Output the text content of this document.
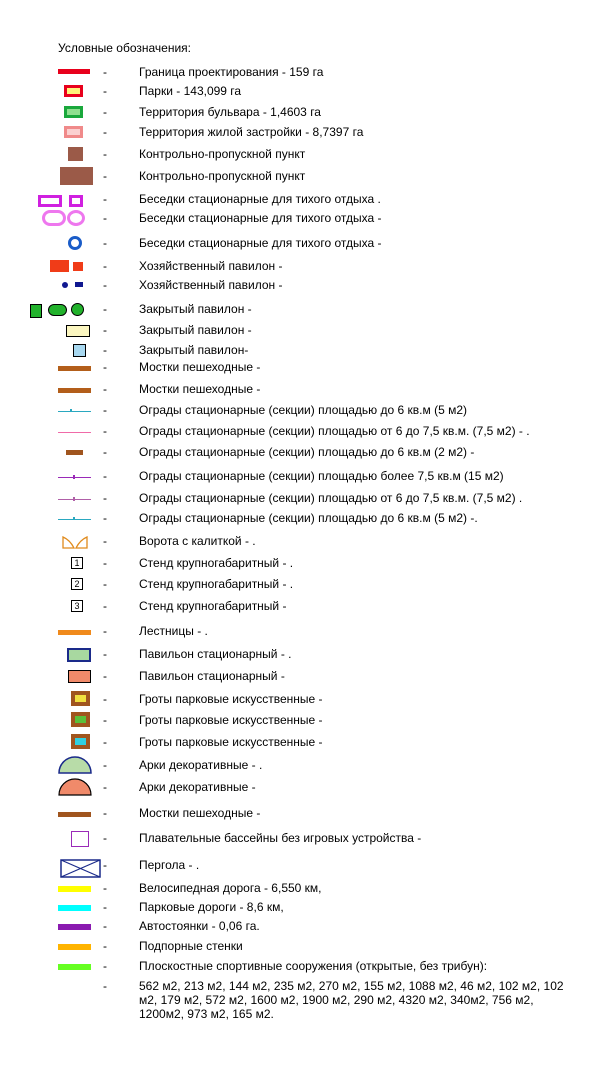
Условные обозначения:
-	Граница проектирования - 159 га
-	Парки - 143,099 га
-	Территория бульвара - 1,4603 га
-	Территория жилой застройки - 8,7397 га
-	Контрольно-пропускной пункт
-	Контрольно-пропускной пункт
-	Беседки стационарные для тихого отдыха .
-	Беседки стационарные для тихого отдыха -
-	Беседки стационарные для тихого отдыха -
-	Хозяйственный павилон -
-	Хозяйственный павилон -
-	Закрытый павилон -
-	Закрытый павилон -
-	Закрытый павилон-
-	Мостки пешеходные -
-	Мостки пешеходные -
-	Ограды стационарные (секции) площадью до 6 кв.м (5 м2)
-	Ограды стационарные (секции) площадью от 6 до 7,5 кв.м. (7,5 м2) - .
-	Ограды стационарные (секции) площадью до 6 кв.м (2 м2) -
-	Ограды стационарные (секции) площадью более 7,5 кв.м (15 м2)
-	Ограды стационарные (секции) площадью от 6 до 7,5 кв.м. (7,5 м2) .
-	Ограды стационарные (секции) площадью до 6 кв.м (5 м2) -.
-	Ворота с калиткой - .
1 -	Стенд крупногабаритный - .
2 -	Стенд крупногабаритный - .
3 -	Стенд крупногабаритный -
-	Лестницы - .
-	Павильон стационарный - .
-	Павильон стационарный -
-	Гроты парковые искусственные -
-	Гроты парковые искусственные -
-	Гроты парковые искусственные -
-	Арки декоративные - .
-	Арки декоративные -
-	Мостки пешеходные -
-	Плавательные бассейны без игровых устройства -
-	Пергола - .
-	Велосипедная дорога - 6,550 км,
-	Парковые дороги - 8,6 км,
-	Автостоянки - 0,06 га.
-	Подпорные стенки
-	Плоскостные спортивные сооружения (открытые, без трибун):
-	562 м2, 213 м2, 144 м2, 235 м2, 270 м2, 155 м2, 1088 м2, 46 м2, 102 м2, 102 м2, 179 м2, 572 м2, 1600 м2, 1900 м2, 290 м2, 4320 м2, 340м2, 756 м2, 1200м2, 973 м2, 165 м2.
